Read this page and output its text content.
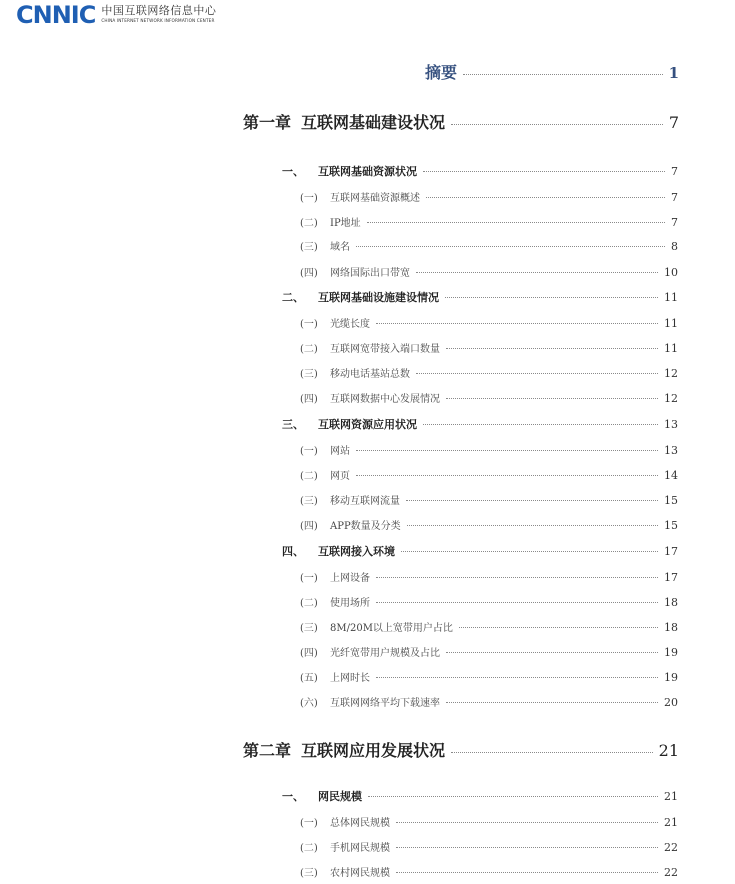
CNNIC 中国互联网络信息中心
CHINA INTERNET NETWORK INFORMATION CENTER
摘要	1
第一章 互联网基础建设状况	7
一、	互联网基础资源状况	7
(一)	互联网基础资源概述	7
(二)	IP地址	7
(三)	域名	8
(四)	网络国际出口带宽	10
二、	互联网基础设施建设情况	11
(一)	光缆长度	11
(二)	互联网宽带接入端口数量	11
(三)	移动电话基站总数	12
(四)	互联网数据中心发展情况	12
三、	互联网资源应用状况	13
(一)	网站	13
(二)	网页	14
(三)	移动互联网流量	15
(四)	APP数量及分类	15
四、	互联网接入环境	17
(一)	上网设备	17
(二)	使用场所	18
(三)	8M/20M以上宽带用户占比	18
(四)	光纤宽带用户规模及占比	19
(五)	上网时长	19
(六)	互联网网络平均下载速率	20
第二章 互联网应用发展状况	21
一、	网民规模	21
(一)	总体网民规模	21
(二)	手机网民规模	22
(三)	农村网民规模	22
